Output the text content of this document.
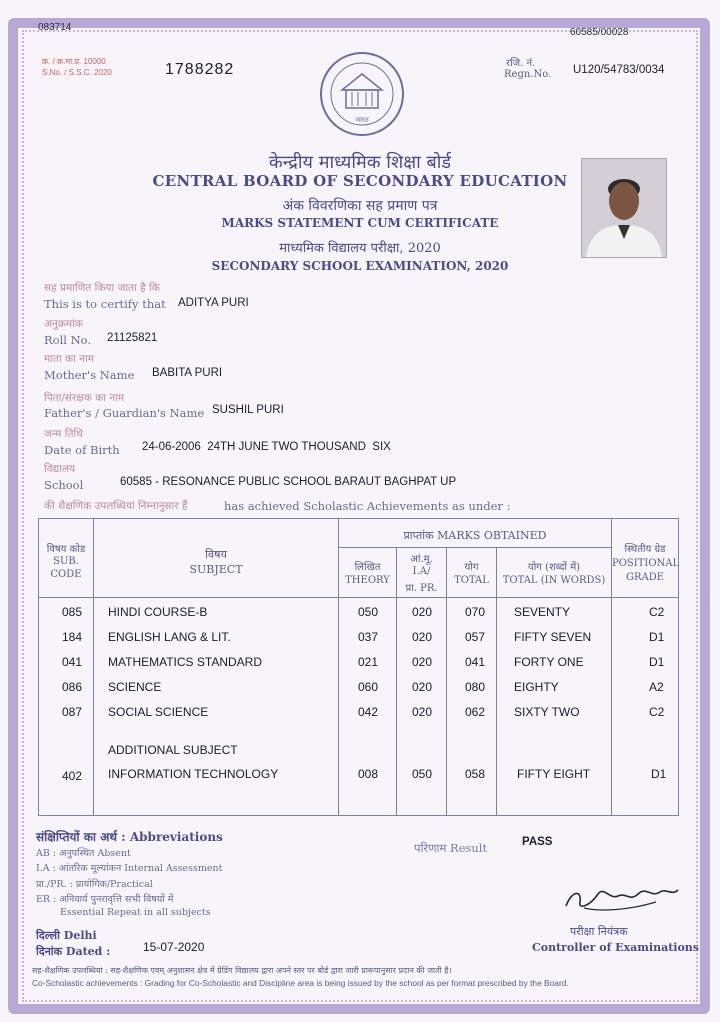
083714	60585/00028
क्र. / क्र.मा.प्र. 10000
S.No. / S.S.C. 2020	1788282	रजि. नं.
Regn.No. U120/54783/0034
भारत
केन्द्रीय माध्यमिक शिक्षा बोर्ड
CENTRAL BOARD OF SECONDARY EDUCATION
अंक विवरणिका सह प्रमाण पत्र
MARKS STATEMENT CUM CERTIFICATE
माध्यमिक विद्यालय परीक्षा, 2020
SECONDARY SCHOOL EXAMINATION, 2020
सह प्रमाणित किया जाता है कि
This is to certify that ADITYA PURI
अनुक्रमांक
Roll No. 21125821
माता का नाम
Mother's Name BABITA PURI
पिता/संरक्षक का नाम
Father's / Guardian's Name SUSHIL PURI
जन्म तिथि
Date of Birth 24-06-2006  24TH JUNE TWO THOUSAND  SIX
विद्यालय
School	60585 - RESONANCE PUBLIC SCHOOL BARAUT BAGHPAT UP
की शैक्षणिक उपलब्धियां निम्नानुसार हैं	has achieved Scholastic Achievements as under :
विषय कोड
SUB. CODE
विषय
SUBJECT
प्राप्तांक MARKS OBTAINED
लिखित
THEORY
आं.मू.
I.A/
प्रा. PR.
योग
TOTAL
योग (शब्दों में)
TOTAL (IN WORDS)
स्थितीय ग्रेड
POSITIONAL GRADE
085 HINDI COURSE-B	050	020	070 SEVENTY	C2
184 ENGLISH LANG & LIT.	037	020	057 FIFTY SEVEN	D1
041 MATHEMATICS STANDARD	021	020	041 FORTY ONE	D1
086 SCIENCE	060	020	080 EIGHTY	A2
087 SOCIAL SCIENCE	042	020	062 SIXTY TWO	C2
ADDITIONAL SUBJECT
402 INFORMATION TECHNOLOGY	008	050	058	FIFTY EIGHT	D1
संक्षिप्तियों का अर्थ : Abbreviations
AB : अनुपस्थित Absent
I.A : आंतरिक मूल्यांकन Internal Assessment
प्रा./PR. : प्रायोगिक/Practical
ER : अनिवार्य पुनरावृत्ति सभी विषयों में
Essential Repeat in all subjects
परिणाम Result	PASS
दिल्ली Delhi
दिनांक Dated :	15-07-2020
परीक्षा नियंत्रक
Controller of Examinations
सह-शैक्षणिक उपलब्धियां : सह-शैक्षणिक एवम् अनुशासन क्षेत्र में ग्रेडिंग विद्यालय द्वारा अपने स्तर पर बोर्ड द्वारा जारी प्रारूपानुसार प्रदान की जाती है।
Co-Scholastic achievements : Grading for Co-Scholastic and Discipline area is being issued by the school as per format prescribed by the Board.
